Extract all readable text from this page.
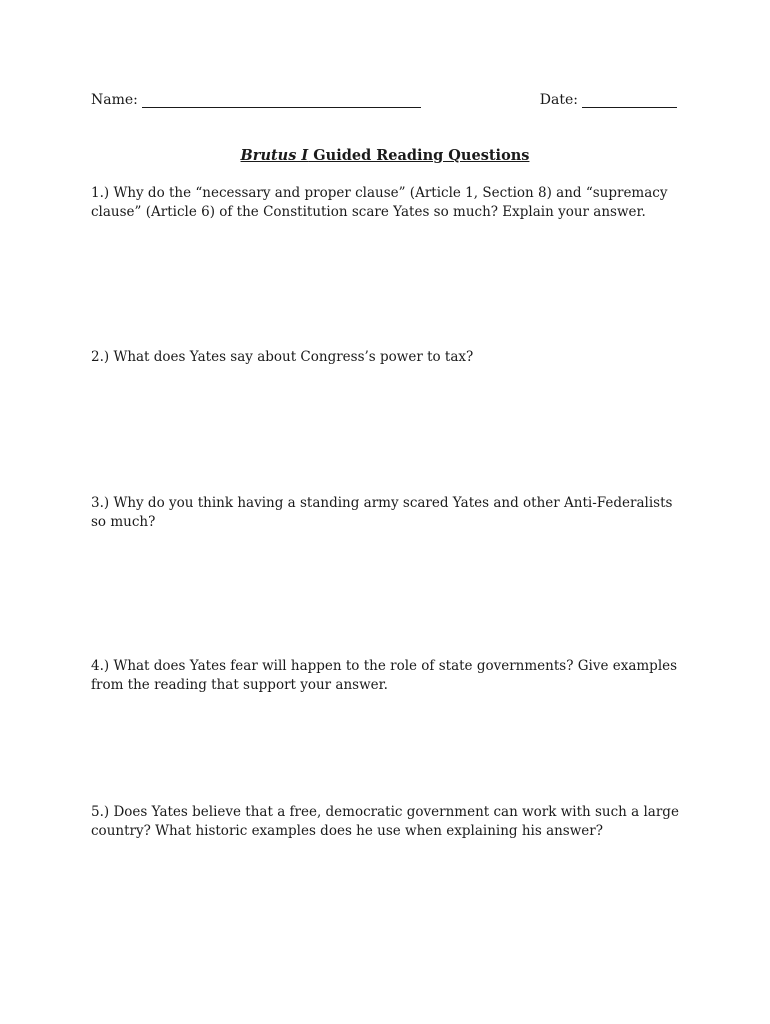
Name:	Date:
Brutus I Guided Reading Questions
1.) Why do the “necessary and proper clause” (Article 1, Section 8) and “supremacy clause” (Article 6) of the Constitution scare Yates so much? Explain your answer.
2.) What does Yates say about Congress’s power to tax?
3.) Why do you think having a standing army scared Yates and other Anti-Federalists so much?
4.) What does Yates fear will happen to the role of state governments? Give examples from the reading that support your answer.
5.) Does Yates believe that a free, democratic government can work with such a large country? What historic examples does he use when explaining his answer?
